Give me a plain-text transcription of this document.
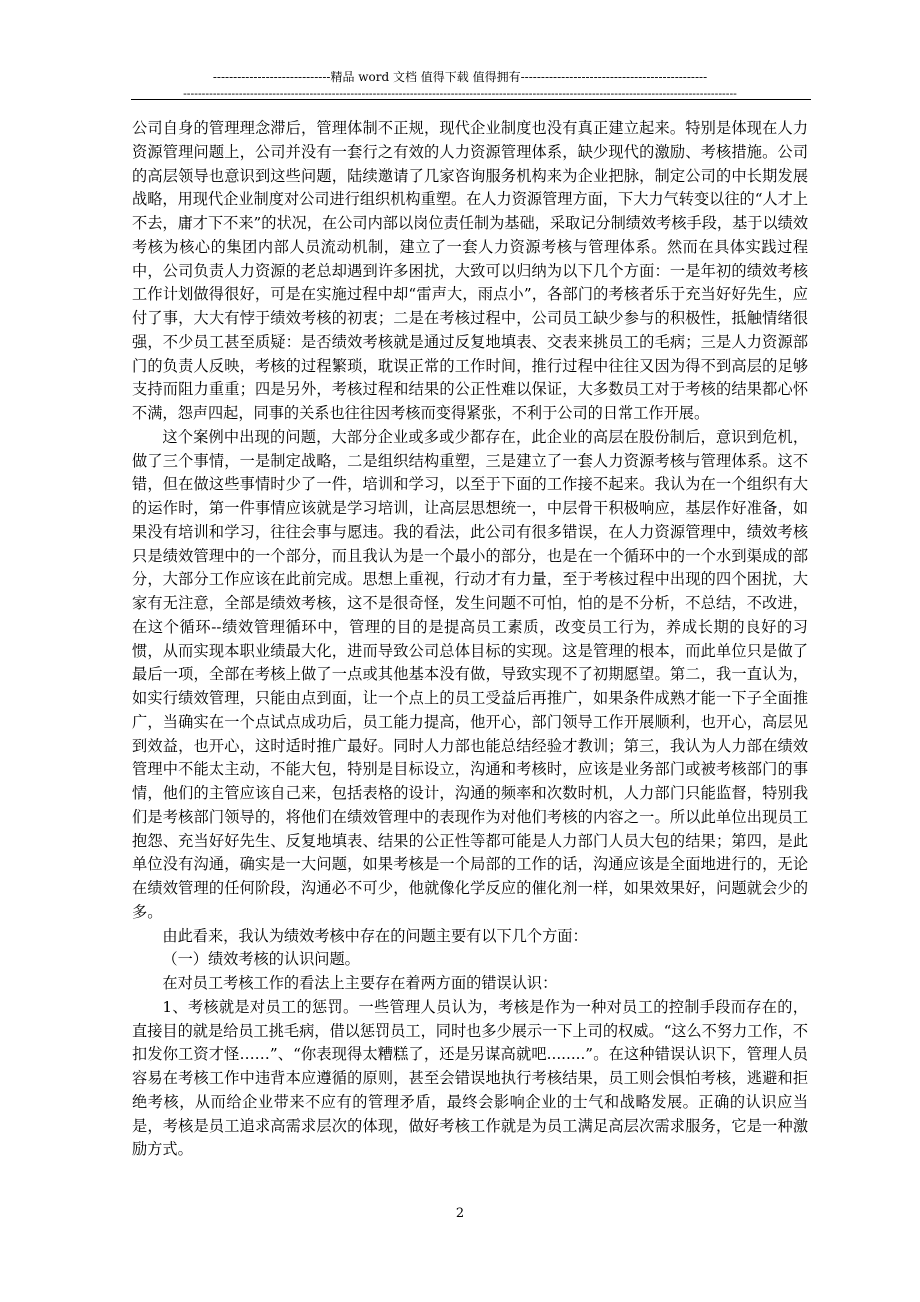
-----------------------------精品 word 文档 值得下载 值得拥有----------------------------------------------
-----------------------------------------------------------------------------------------------------------------------------------------------------

公司自身的管理理念滞后，管理体制不正规，现代企业制度也没有真正建立起来。特别是体现在人力资源管理问题上，公司并没有一套行之有效的人力资源管理体系，缺少现代的激励、考核措施。公司的高层领导也意识到这些问题，陆续邀请了几家咨询服务机构来为企业把脉，制定公司的中长期发展战略，用现代企业制度对公司进行组织机构重塑。在人力资源管理方面，下大力气转变以往的“人才上不去，庸才下不来”的状况，在公司内部以岗位责任制为基础，采取记分制绩效考核手段，基于以绩效考核为核心的集团内部人员流动机制，建立了一套人力资源考核与管理体系。然而在具体实践过程中，公司负责人力资源的老总却遇到许多困扰，大致可以归纳为以下几个方面：一是年初的绩效考核工作计划做得很好，可是在实施过程中却“雷声大，雨点小”，各部门的考核者乐于充当好好先生，应付了事，大大有悖于绩效考核的初衷；二是在考核过程中，公司员工缺少参与的积极性，抵触情绪很强，不少员工甚至质疑：是否绩效考核就是通过反复地填表、交表来挑员工的毛病；三是人力资源部门的负责人反映，考核的过程繁琐，耽误正常的工作时间，推行过程中往往又因为得不到高层的足够支持而阻力重重；四是另外，考核过程和结果的公正性难以保证，大多数员工对于考核的结果都心怀不满，怨声四起，同事的关系也往往因考核而变得紧张，不利于公司的日常工作开展。

这个案例中出现的问题，大部分企业或多或少都存在，此企业的高层在股份制后，意识到危机，做了三个事情，一是制定战略，二是组织结构重塑，三是建立了一套人力资源考核与管理体系。这不错，但在做这些事情时少了一件，培训和学习，以至于下面的工作接不起来。我认为在一个组织有大的运作时，第一件事情应该就是学习培训，让高层思想统一，中层骨干积极响应，基层作好准备，如果没有培训和学习，往往会事与愿违。我的看法，此公司有很多错误，在人力资源管理中，绩效考核只是绩效管理中的一个部分，而且我认为是一个最小的部分，也是在一个循环中的一个水到渠成的部分，大部分工作应该在此前完成。思想上重视，行动才有力量，至于考核过程中出现的四个困扰，大家有无注意，全部是绩效考核，这不是很奇怪，发生问题不可怕，怕的是不分析，不总结，不改进，在这个循环--绩效管理循环中，管理的目的是提高员工素质，改变员工行为，养成长期的良好的习惯，从而实现本职业绩最大化，进而导致公司总体目标的实现。这是管理的根本，而此单位只是做了最后一项，全部在考核上做了一点或其他基本没有做，导致实现不了初期愿望。第二，我一直认为，如实行绩效管理，只能由点到面，让一个点上的员工受益后再推广，如果条件成熟才能一下子全面推广，当确实在一个点试点成功后，员工能力提高，他开心，部门领导工作开展顺利，也开心，高层见到效益，也开心，这时适时推广最好。同时人力部也能总结经验才教训；第三，我认为人力部在绩效管理中不能太主动，不能大包，特别是目标设立，沟通和考核时，应该是业务部门或被考核部门的事情，他们的主管应该自己来，包括表格的设计，沟通的频率和次数时机，人力部门只能监督，特别我们是考核部门领导的，将他们在绩效管理中的表现作为对他们考核的内容之一。所以此单位出现员工抱怨、充当好好先生、反复地填表、结果的公正性等都可能是人力部门人员大包的结果；第四，是此单位没有沟通，确实是一大问题，如果考核是一个局部的工作的话，沟通应该是全面地进行的，无论在绩效管理的任何阶段，沟通必不可少，他就像化学反应的催化剂一样，如果效果好，问题就会少的多。

由此看来，我认为绩效考核中存在的问题主要有以下几个方面：

（一）绩效考核的认识问题。

在对员工考核工作的看法上主要存在着两方面的错误认识：

1、考核就是对员工的惩罚。一些管理人员认为，考核是作为一种对员工的控制手段而存在的，直接目的就是给员工挑毛病，借以惩罚员工，同时也多少展示一下上司的权威。“这么不努力工作，不扣发你工资才怪……”、“你表现得太糟糕了，还是另谋高就吧........”。在这种错误认识下，管理人员容易在考核工作中违背本应遵循的原则，甚至会错误地执行考核结果，员工则会惧怕考核，逃避和拒绝考核，从而给企业带来不应有的管理矛盾，最终会影响企业的士气和战略发展。正确的认识应当是，考核是员工追求高需求层次的体现，做好考核工作就是为员工满足高层次需求服务，它是一种激励方式。

2
